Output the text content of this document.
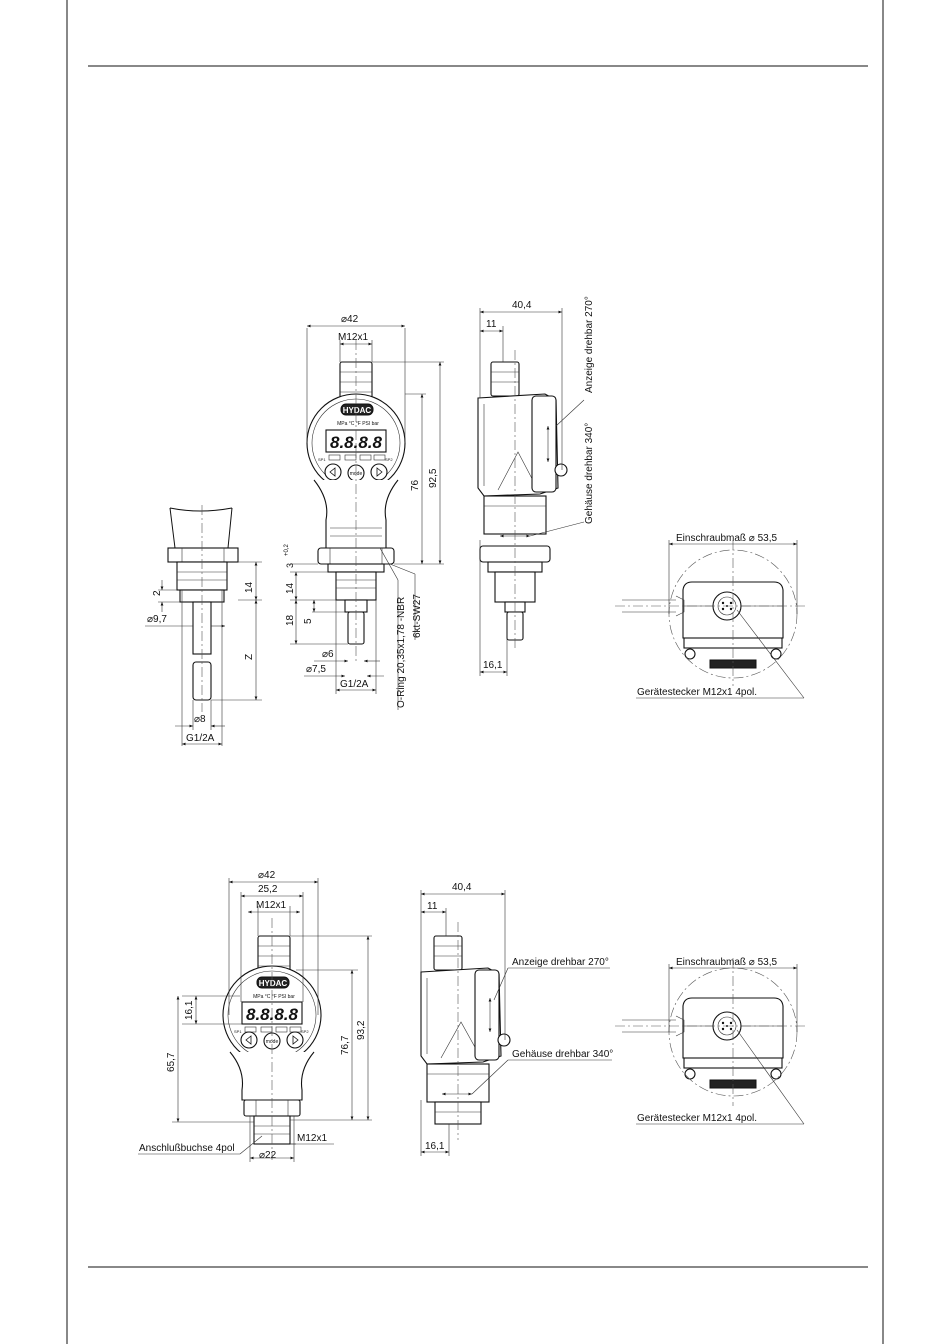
2
14
Z
⌀9,7
⌀8
G1/2A
HYDAC
MPa °C °F PSI bar
8.8.8.8
SP1	SP2
mode
⌀42
M12x1
92,5
76
3
+0,2
14
18 5
⌀6
⌀7,5
G1/2A	O-Ring 20,35x1,78 -NBR 6kt-SW27
40,4
11
16,1
Anzeige drehbar 270°
Gehäuse drehbar 340°
Einschraubmaß ⌀ 53,5
Gerätestecker M12x1 4pol.
HYDAC
MPa °C °F PSI bar
8.8.8.8
SP1	SP2
mode
⌀42
25,2
M12x1
16,1
65,7
76,7
93,2
M12x1
⌀22
Anschlußbuchse 4pol
40,4
11
16,1
Anzeige drehbar 270°
Gehäuse drehbar 340°
Einschraubmaß ⌀ 53,5
Gerätestecker M12x1 4pol.
